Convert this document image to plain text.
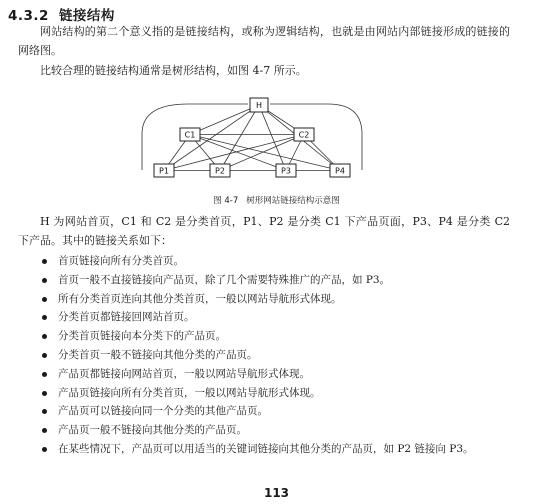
4.3.2 链接结构

网站结构的第二个意义指的是链接结构，或称为逻辑结构，也就是由网站内部链接形成的链接的网络图。

比较合理的链接结构通常是树形结构，如图 4-7 所示。

H
C1	C2
P1	P2	P3	P4
图 4-7 树形网站链接结构示意图

H 为网站首页，C1 和 C2 是分类首页，P1、P2 是分类 C1 下产品页面，P3、P4 是分类 C2 下产品。其中的链接关系如下：

首页链接向所有分类首页。
首页一般不直接链接向产品页，除了几个需要特殊推广的产品，如 P3。
所有分类首页连向其他分类首页，一般以网站导航形式体现。
分类首页都链接回网站首页。
分类首页链接向本分类下的产品页。
分类首页一般不链接向其他分类的产品页。
产品页都链接向网站首页，一般以网站导航形式体现。
产品页链接向所有分类首页，一般以网站导航形式体现。
产品页可以链接向同一个分类的其他产品页。
产品页一般不链接向其他分类的产品页。
在某些情况下，产品页可以用适当的关键词链接向其他分类的产品页，如 P2 链接向 P3。
113
